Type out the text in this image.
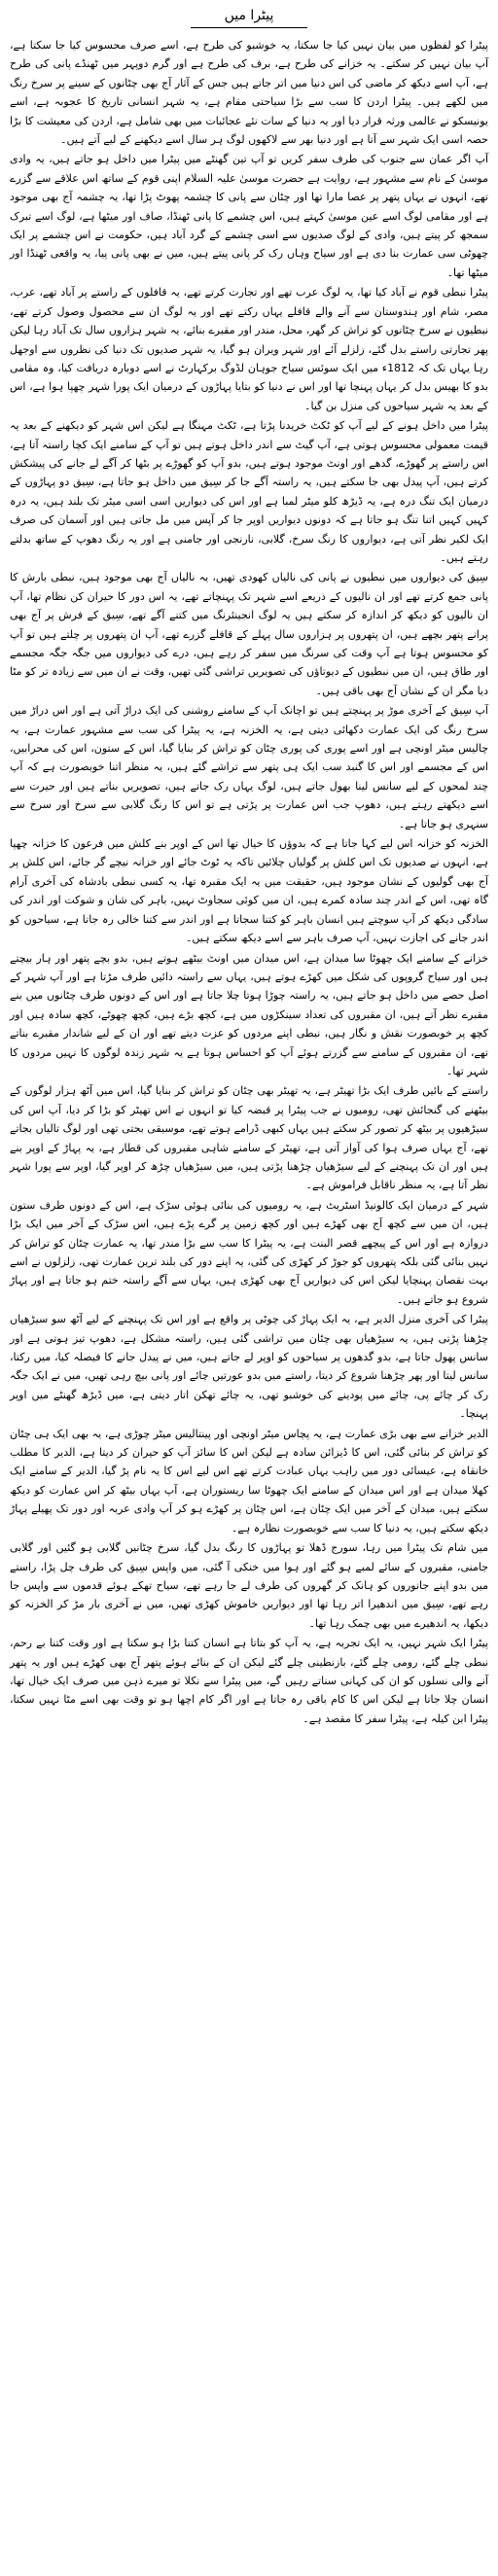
پیٹرا میں

پیٹرا کو لفظوں میں بیان نہیں کیا جا سکتا، یہ خوشبو کی طرح ہے، اسے صرف محسوس کیا جا سکتا ہے، آپ بیان نہیں کر سکتے۔ یہ خزانے کی طرح ہے، برف کی طرح ہے اور گرم دوپہر میں ٹھنڈے پانی کی طرح ہے، آپ اسے دیکھ کر ماضی کی اس دنیا میں اتر جاتے ہیں جس کے آثار آج بھی چٹانوں کے سینے پر سرخ رنگ میں لکھے ہیں۔ پیٹرا اردن کا سب سے بڑا سیاحتی مقام ہے، یہ شہر انسانی تاریخ کا عجوبہ ہے، اسے یونیسکو نے عالمی ورثہ قرار دیا اور یہ دنیا کے سات نئے عجائبات میں بھی شامل ہے، اردن کی معیشت کا بڑا حصہ اسی ایک شہر سے آتا ہے اور دنیا بھر سے لاکھوں لوگ ہر سال اسے دیکھنے کے لیے آتے ہیں۔

آپ اگر عمان سے جنوب کی طرف سفر کریں تو آپ تین گھنٹے میں پیٹرا میں داخل ہو جاتے ہیں، یہ وادی موسیٰ کے نام سے مشہور ہے، روایت ہے حضرت موسیٰ علیہ السلام اپنی قوم کے ساتھ اس علاقے سے گزرے تھے، انہوں نے یہاں پتھر پر عصا مارا تھا اور چٹان سے پانی کا چشمہ پھوٹ پڑا تھا، یہ چشمہ آج بھی موجود ہے اور مقامی لوگ اسے عین موسیٰ کہتے ہیں، اس چشمے کا پانی ٹھنڈا، صاف اور میٹھا ہے، لوگ اسے تبرک سمجھ کر پیتے ہیں، وادی کے لوگ صدیوں سے اسی چشمے کے گرد آباد ہیں، حکومت نے اس چشمے پر ایک چھوٹی سی عمارت بنا دی ہے اور سیاح وہاں رک کر پانی پیتے ہیں، میں نے بھی پانی پیا، یہ واقعی ٹھنڈا اور میٹھا تھا۔

پیٹرا نبطی قوم نے آباد کیا تھا، یہ لوگ عرب تھے اور تجارت کرتے تھے، یہ قافلوں کے راستے پر آباد تھے، عرب، مصر، شام اور ہندوستان سے آنے والے قافلے یہاں رکتے تھے اور یہ لوگ ان سے محصول وصول کرتے تھے، نبطیوں نے سرخ چٹانوں کو تراش کر گھر، محل، مندر اور مقبرے بنائے، یہ شہر ہزاروں سال تک آباد رہا لیکن پھر تجارتی راستے بدل گئے، زلزلے آئے اور شہر ویران ہو گیا، یہ شہر صدیوں تک دنیا کی نظروں سے اوجھل رہا یہاں تک کہ 1812ء میں ایک سوئس سیاح جوہان لڈوگ برکہارٹ نے اسے دوبارہ دریافت کیا، وہ مقامی بدو کا بھیس بدل کر یہاں پہنچا تھا اور اس نے دنیا کو بتایا پہاڑوں کے درمیان ایک پورا شہر چھپا ہوا ہے، اس کے بعد یہ شہر سیاحوں کی منزل بن گیا۔

پیٹرا میں داخل ہونے کے لیے آپ کو ٹکٹ خریدنا پڑتا ہے، ٹکٹ مہنگا ہے لیکن اس شہر کو دیکھنے کے بعد یہ قیمت معمولی محسوس ہوتی ہے، آپ گیٹ سے اندر داخل ہوتے ہیں تو آپ کے سامنے ایک کچا راستہ آتا ہے، اس راستے پر گھوڑے، گدھے اور اونٹ موجود ہوتے ہیں، بدو آپ کو گھوڑے پر بٹھا کر آگے لے جانے کی پیشکش کرتے ہیں، آپ پیدل بھی جا سکتے ہیں، یہ راستہ آگے جا کر سِیق میں داخل ہو جاتا ہے، سِیق دو پہاڑوں کے درمیان ایک تنگ درہ ہے، یہ ڈیڑھ کلو میٹر لمبا ہے اور اس کی دیواریں اسی اسی میٹر تک بلند ہیں، یہ درہ کہیں کہیں اتنا تنگ ہو جاتا ہے کہ دونوں دیواریں اوپر جا کر آپس میں مل جاتی ہیں اور آسمان کی صرف ایک لکیر نظر آتی ہے، دیواروں کا رنگ سرخ، گلابی، نارنجی اور جامنی ہے اور یہ رنگ دھوپ کے ساتھ بدلتے رہتے ہیں۔

سِیق کی دیواروں میں نبطیوں نے پانی کی نالیاں کھودی تھیں، یہ نالیاں آج بھی موجود ہیں، نبطی بارش کا پانی جمع کرتے تھے اور ان نالیوں کے ذریعے اسے شہر تک پہنچاتے تھے، یہ اس دور کا حیران کن نظام تھا، آپ ان نالیوں کو دیکھ کر اندازہ کر سکتے ہیں یہ لوگ انجینئرنگ میں کتنے آگے تھے، سِیق کے فرش پر آج بھی پرانے پتھر بچھے ہیں، ان پتھروں پر ہزاروں سال پہلے کے قافلے گزرے تھے، آپ ان پتھروں پر چلتے ہیں تو آپ کو محسوس ہوتا ہے آپ وقت کی سرنگ میں سفر کر رہے ہیں، درے کی دیواروں میں جگہ جگہ مجسمے اور طاق ہیں، ان میں نبطیوں کے دیوتاؤں کی تصویریں تراشی گئی تھیں، وقت نے ان میں سے زیادہ تر کو مٹا دیا مگر ان کے نشان آج بھی باقی ہیں۔

آپ سِیق کے آخری موڑ پر پہنچتے ہیں تو اچانک آپ کے سامنے روشنی کی ایک دراڑ آتی ہے اور اس دراڑ میں سرخ رنگ کی ایک عمارت دکھائی دیتی ہے، یہ الخزنہ ہے، یہ پیٹرا کی سب سے مشہور عمارت ہے، یہ چالیس میٹر اونچی ہے اور اسے پوری کی پوری چٹان کو تراش کر بنایا گیا، اس کے ستون، اس کی محرابیں، اس کے مجسمے اور اس کا گنبد سب ایک ہی پتھر سے تراشے گئے ہیں، یہ منظر اتنا خوبصورت ہے کہ آپ چند لمحوں کے لیے سانس لینا بھول جاتے ہیں، لوگ یہاں رک جاتے ہیں، تصویریں بناتے ہیں اور حیرت سے اسے دیکھتے رہتے ہیں، دھوپ جب اس عمارت پر پڑتی ہے تو اس کا رنگ گلابی سے سرخ اور سرخ سے سنہری ہو جاتا ہے۔

الخزنہ کو خزانہ اس لیے کہا جاتا ہے کہ بدوؤں کا خیال تھا اس کے اوپر بنے کلش میں فرعون کا خزانہ چھپا ہے، انہوں نے صدیوں تک اس کلش پر گولیاں چلائیں تاکہ یہ ٹوٹ جائے اور خزانہ نیچے گر جائے، اس کلش پر آج بھی گولیوں کے نشان موجود ہیں، حقیقت میں یہ ایک مقبرہ تھا، یہ کسی نبطی بادشاہ کی آخری آرام گاہ تھی، اس کے اندر چند سادہ کمرے ہیں، ان میں کوئی سجاوٹ نہیں، باہر کی شان و شوکت اور اندر کی سادگی دیکھ کر آپ سوچتے ہیں انسان باہر کو کتنا سجاتا ہے اور اندر سے کتنا خالی رہ جاتا ہے، سیاحوں کو اندر جانے کی اجازت نہیں، آپ صرف باہر سے اسے دیکھ سکتے ہیں۔

خزانے کے سامنے ایک چھوٹا سا میدان ہے، اس میدان میں اونٹ بیٹھے ہوتے ہیں، بدو بچے پتھر اور ہار بیچتے ہیں اور سیاح گروپوں کی شکل میں کھڑے ہوتے ہیں، یہاں سے راستہ دائیں طرف مڑتا ہے اور آپ شہر کے اصل حصے میں داخل ہو جاتے ہیں، یہ راستہ چوڑا ہوتا چلا جاتا ہے اور اس کے دونوں طرف چٹانوں میں بنے مقبرے نظر آتے ہیں، ان مقبروں کی تعداد سینکڑوں میں ہے، کچھ بڑے ہیں، کچھ چھوٹے، کچھ سادہ ہیں اور کچھ پر خوبصورت نقش و نگار ہیں، نبطی اپنے مردوں کو عزت دیتے تھے اور ان کے لیے شاندار مقبرے بناتے تھے، ان مقبروں کے سامنے سے گزرتے ہوئے آپ کو احساس ہوتا ہے یہ شہر زندہ لوگوں کا نہیں مردوں کا شہر تھا۔

راستے کے بائیں طرف ایک بڑا تھیٹر ہے، یہ تھیٹر بھی چٹان کو تراش کر بنایا گیا، اس میں آٹھ ہزار لوگوں کے بیٹھنے کی گنجائش تھی، رومیوں نے جب پیٹرا پر قبضہ کیا تو انہوں نے اس تھیٹر کو بڑا کر دیا، آپ اس کی سیڑھیوں پر بیٹھ کر تصور کر سکتے ہیں یہاں کبھی ڈرامے ہوتے تھے، موسیقی بجتی تھی اور لوگ تالیاں بجاتے تھے، آج یہاں صرف ہوا کی آواز آتی ہے، تھیٹر کے سامنے شاہی مقبروں کی قطار ہے، یہ پہاڑ کے اوپر بنے ہیں اور ان تک پہنچنے کے لیے سیڑھیاں چڑھنا پڑتی ہیں، میں سیڑھیاں چڑھ کر اوپر گیا، اوپر سے پورا شہر نظر آتا ہے، یہ منظر ناقابل فراموش ہے۔

شہر کے درمیان ایک کالونیڈ اسٹریٹ ہے، یہ رومیوں کی بنائی ہوئی سڑک ہے، اس کے دونوں طرف ستون ہیں، ان میں سے کچھ آج بھی کھڑے ہیں اور کچھ زمین پر گرے پڑے ہیں، اس سڑک کے آخر میں ایک بڑا دروازہ ہے اور اس کے پیچھے قصر البنت ہے، یہ پیٹرا کا سب سے بڑا مندر تھا، یہ عمارت چٹان کو تراش کر نہیں بنائی گئی بلکہ پتھروں کو جوڑ کر کھڑی کی گئی، یہ اپنے دور کی بلند ترین عمارت تھی، زلزلوں نے اسے بہت نقصان پہنچایا لیکن اس کی دیواریں آج بھی کھڑی ہیں، یہاں سے آگے راستہ ختم ہو جاتا ہے اور پہاڑ شروع ہو جاتے ہیں۔

پیٹرا کی آخری منزل الدیر ہے، یہ ایک پہاڑ کی چوٹی پر واقع ہے اور اس تک پہنچنے کے لیے آٹھ سو سیڑھیاں چڑھنا پڑتی ہیں، یہ سیڑھیاں بھی چٹان میں تراشی گئی ہیں، راستہ مشکل ہے، دھوپ تیز ہوتی ہے اور سانس پھول جاتا ہے، بدو گدھوں پر سیاحوں کو اوپر لے جاتے ہیں، میں نے پیدل جانے کا فیصلہ کیا، میں رکتا، سانس لیتا اور پھر چڑھنا شروع کر دیتا، راستے میں بدو عورتیں چائے اور پانی بیچ رہی تھیں، میں نے ایک جگہ رک کر چائے پی، چائے میں پودینے کی خوشبو تھی، یہ چائے تھکن اتار دیتی ہے، میں ڈیڑھ گھنٹے میں اوپر پہنچا۔

الدیر خزانے سے بھی بڑی عمارت ہے، یہ پچاس میٹر اونچی اور پینتالیس میٹر چوڑی ہے، یہ بھی ایک ہی چٹان کو تراش کر بنائی گئی، اس کا ڈیزائن سادہ ہے لیکن اس کا سائز آپ کو حیران کر دیتا ہے، الدیر کا مطلب خانقاہ ہے، عیسائی دور میں راہب یہاں عبادت کرتے تھے اس لیے اس کا یہ نام پڑ گیا، الدیر کے سامنے ایک کھلا میدان ہے اور اس میدان کے سامنے ایک چھوٹا سا ریستوران ہے، آپ یہاں بیٹھ کر اس عمارت کو دیکھ سکتے ہیں، میدان کے آخر میں ایک چٹان ہے، اس چٹان پر کھڑے ہو کر آپ وادی عربہ اور دور تک پھیلے پہاڑ دیکھ سکتے ہیں، یہ دنیا کا سب سے خوبصورت نظارہ ہے۔

میں شام تک پیٹرا میں رہا، سورج ڈھلا تو پہاڑوں کا رنگ بدل گیا، سرخ چٹانیں گلابی ہو گئیں اور گلابی جامنی، مقبروں کے سائے لمبے ہو گئے اور ہوا میں خنکی آ گئی، میں واپس سِیق کی طرف چل پڑا، راستے میں بدو اپنے جانوروں کو ہانک کر گھروں کی طرف لے جا رہے تھے، سیاح تھکے ہوئے قدموں سے واپس جا رہے تھے، سِیق میں اندھیرا اتر رہا تھا اور دیواریں خاموش کھڑی تھیں، میں نے آخری بار مڑ کر الخزنہ کو دیکھا، یہ اندھیرے میں بھی چمک رہا تھا۔

پیٹرا ایک شہر نہیں، یہ ایک تجربہ ہے، یہ آپ کو بتاتا ہے انسان کتنا بڑا ہو سکتا ہے اور وقت کتنا بے رحم، نبطی چلے گئے، رومی چلے گئے، بازنطینی چلے گئے لیکن ان کے بنائے ہوئے پتھر آج بھی کھڑے ہیں اور یہ پتھر آنے والی نسلوں کو ان کی کہانی سناتے رہیں گے، میں پیٹرا سے نکلا تو میرے ذہن میں صرف ایک خیال تھا، انسان چلا جاتا ہے لیکن اس کا کام باقی رہ جاتا ہے اور اگر کام اچھا ہو تو وقت بھی اسے مٹا نہیں سکتا، پیٹرا ابن کیلہ ہے، پیٹرا سفر کا مقصد ہے۔
